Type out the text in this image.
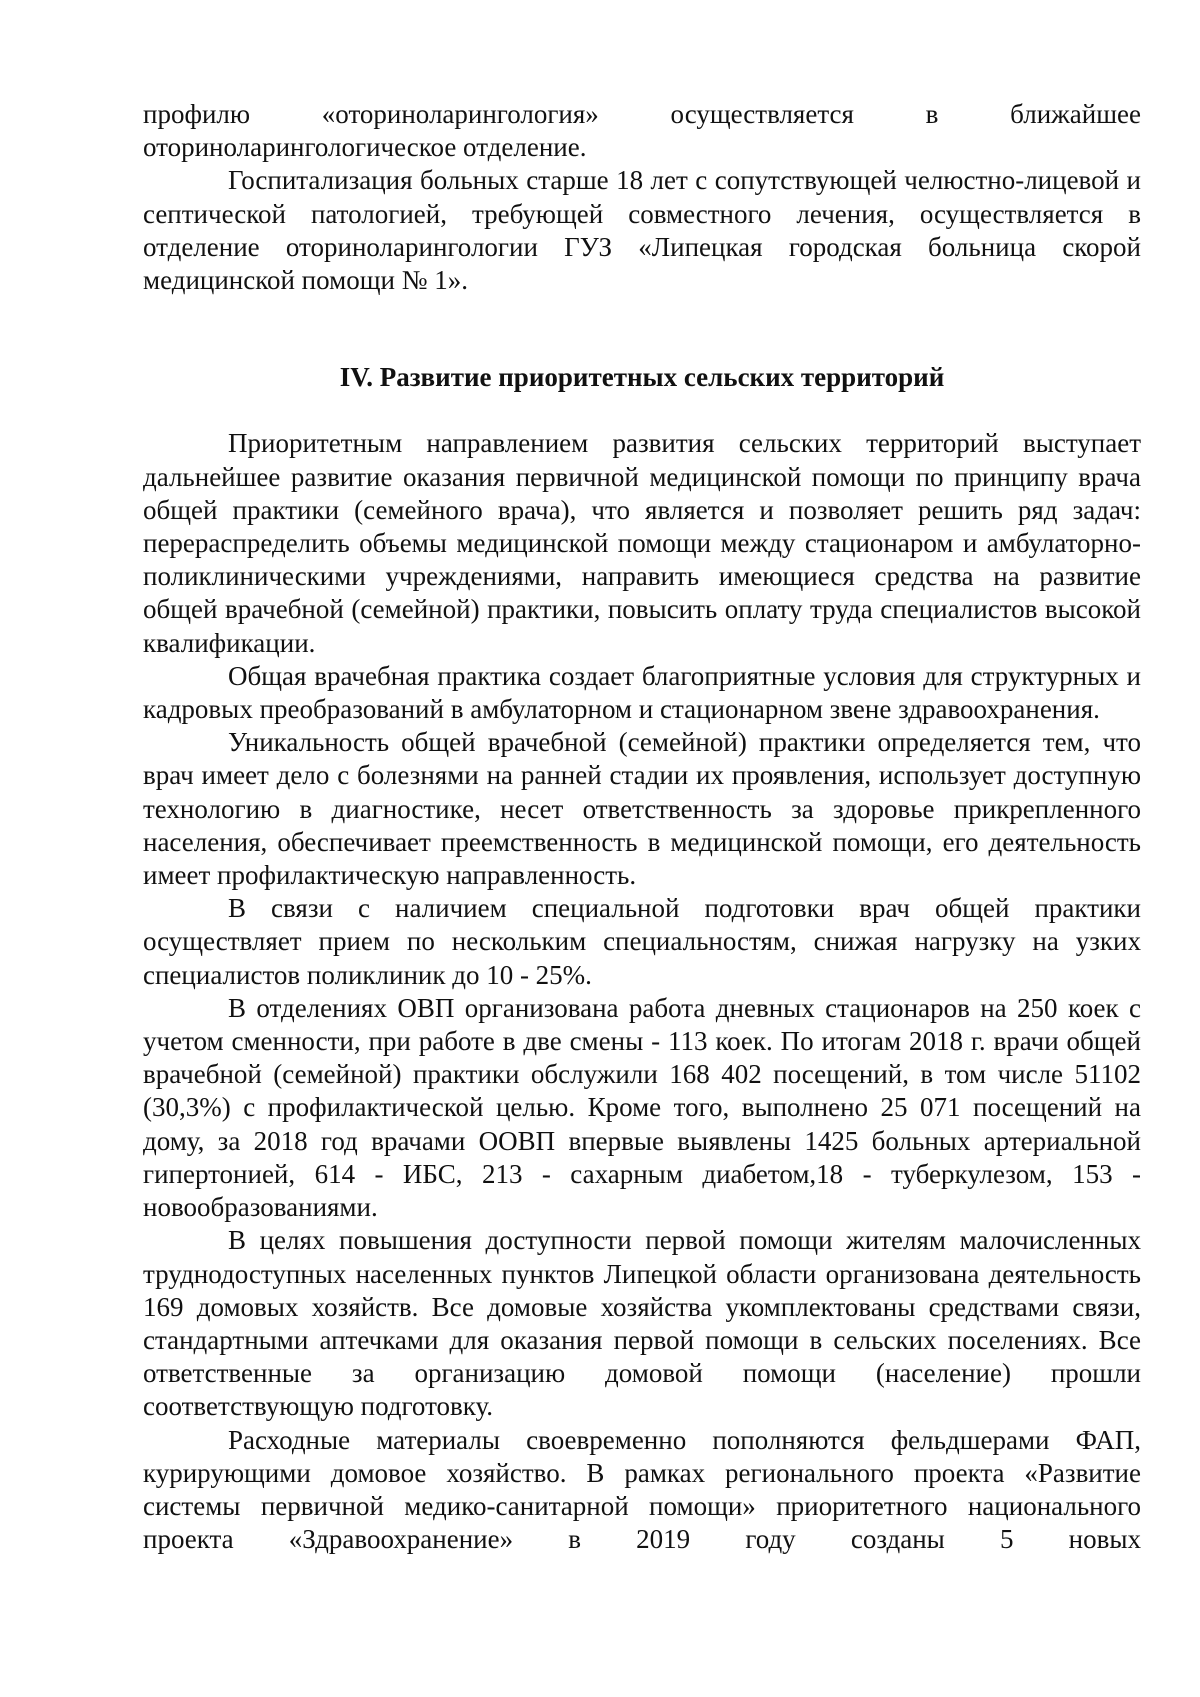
профилю «оториноларингология» осуществляется в ближайшее

оториноларингологическое отделение.

Госпитализация больных старше 18 лет с сопутствующей челюстно-лицевой и септической патологией, требующей совместного лечения, осуществляется в отделение оториноларингологии ГУЗ «Липецкая городская больница скорой медицинской помощи № 1».

IV. Развитие приоритетных сельских территорий

Приоритетным направлением развития сельских территорий выступает дальнейшее развитие оказания первичной медицинской помощи по принципу врача общей практики (семейного врача), что является и позволяет решить ряд задач: перераспределить объемы медицинской помощи между стационаром и амбулаторно-поликлиническими учреждениями, направить имеющиеся средства на развитие общей врачебной (семейной) практики, повысить оплату труда специалистов высокой квалификации.

Общая врачебная практика создает благоприятные условия для структурных и кадровых преобразований в амбулаторном и стационарном звене здравоохранения.

Уникальность общей врачебной (семейной) практики определяется тем, что врач имеет дело с болезнями на ранней стадии их проявления, использует доступную технологию в диагностике, несет ответственность за здоровье прикрепленного населения, обеспечивает преемственность в медицинской помощи, его деятельность имеет профилактическую направленность.

В связи с наличием специальной подготовки врач общей практики осуществляет прием по нескольким специальностям, снижая нагрузку на узких специалистов поликлиник до 10 - 25%.

В отделениях ОВП организована работа дневных стационаров на 250 коек с учетом сменности, при работе в две смены - 113 коек. По итогам 2018 г. врачи общей врачебной (семейной) практики обслужили 168 402 посещений, в том числе 51102 (30,3%) с профилактической целью. Кроме того, выполнено 25 071 посещений на дому, за 2018 год врачами ООВП впервые выявлены 1425 больных артериальной гипертонией, 614 - ИБС, 213 - сахарным диабетом,18 - туберкулезом, 153 - новообразованиями.

В целях повышения доступности первой помощи жителям малочисленных труднодоступных населенных пунктов Липецкой области организована деятельность 169 домовых хозяйств. Все домовые хозяйства укомплектованы средствами связи, стандартными аптечками для оказания первой помощи в сельских поселениях. Все ответственные за организацию домовой помощи (население) прошли соответствующую подготовку.

Расходные материалы своевременно пополняются фельдшерами ФАП, курирующими домовое хозяйство. В рамках регионального проекта «Развитие системы первичной медико-санитарной помощи» приоритетного национального проекта «Здравоохранение» в 2019 году созданы 5 новых
